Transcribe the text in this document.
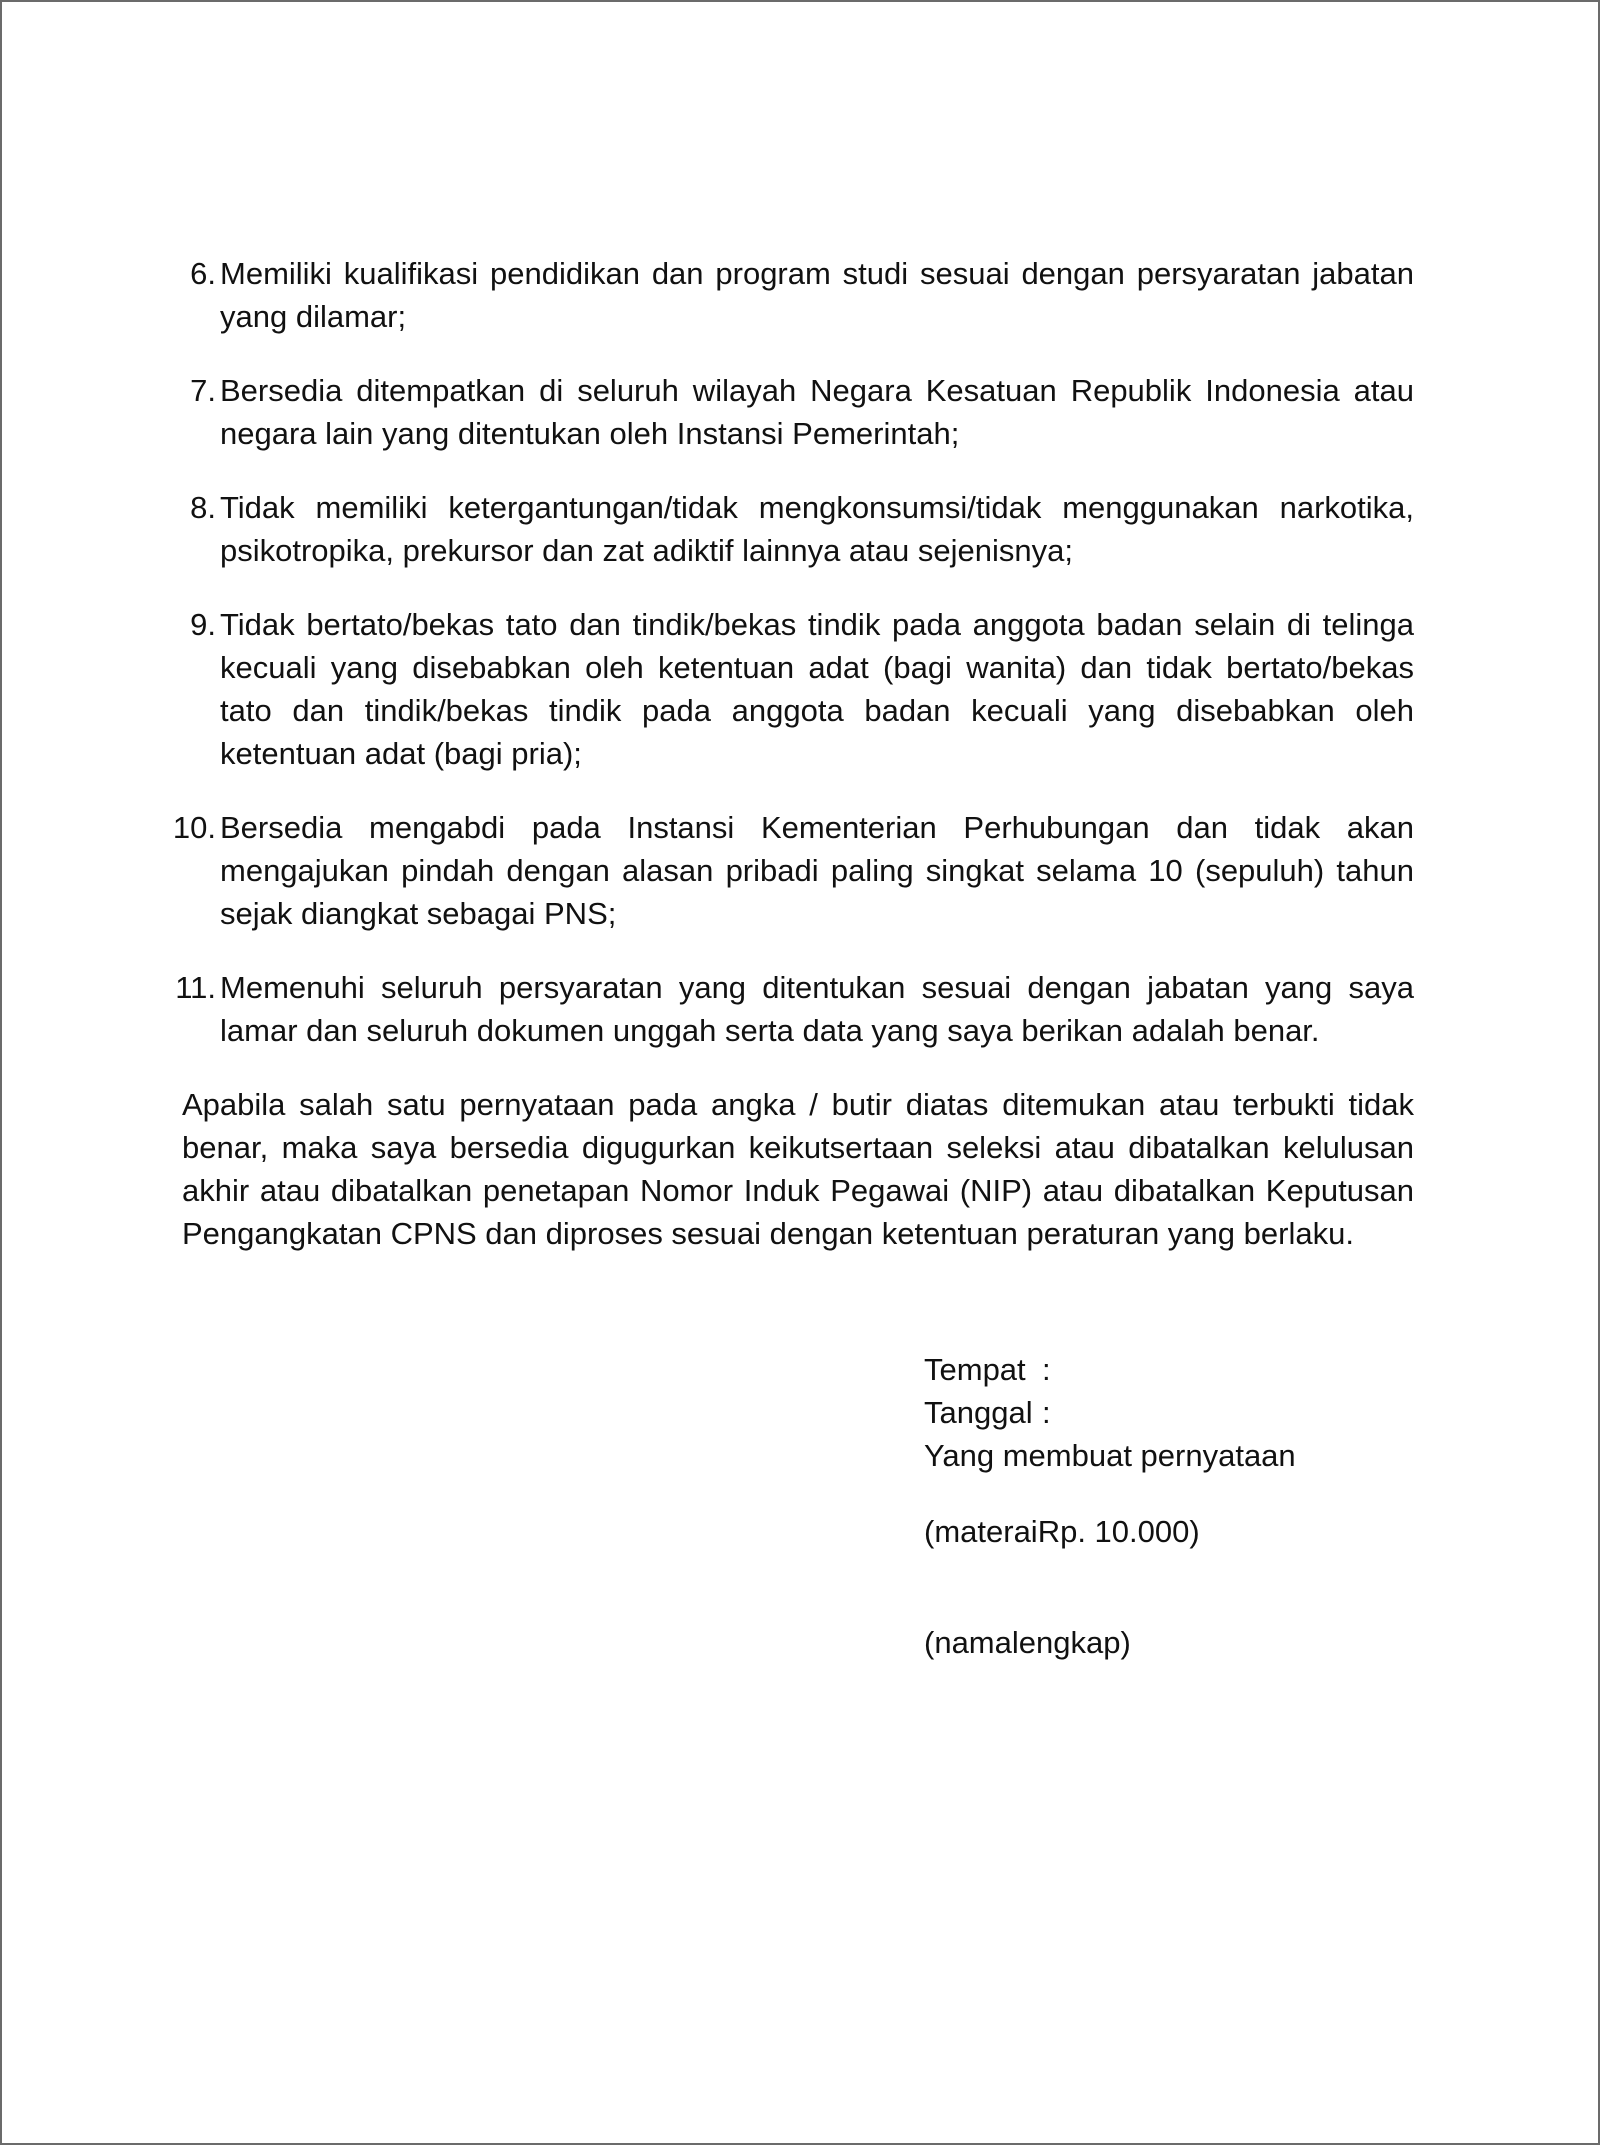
6. Memiliki kualifikasi pendidikan dan program studi sesuai dengan persyaratan jabatan yang dilamar;
7. Bersedia ditempatkan di seluruh wilayah Negara Kesatuan Republik Indonesia atau negara lain yang ditentukan oleh Instansi Pemerintah;
8. Tidak memiliki ketergantungan/tidak mengkonsumsi/tidak menggunakan narkotika, psikotropika, prekursor dan zat adiktif lainnya atau sejenisnya;
9. Tidak bertato/bekas tato dan tindik/bekas tindik pada anggota badan selain di telinga kecuali yang disebabkan oleh ketentuan adat (bagi wanita) dan tidak bertato/bekas tato dan tindik/bekas tindik pada anggota badan kecuali yang disebabkan oleh ketentuan adat (bagi pria);
10. Bersedia mengabdi pada Instansi Kementerian Perhubungan dan tidak akan mengajukan pindah dengan alasan pribadi paling singkat selama 10 (sepuluh) tahun sejak diangkat sebagai PNS;
11. Memenuhi seluruh persyaratan yang ditentukan sesuai dengan jabatan yang saya lamar dan seluruh dokumen unggah serta data yang saya berikan adalah benar.

Apabila salah satu pernyataan pada angka / butir diatas ditemukan atau terbukti tidak benar, maka saya bersedia digugurkan keikutsertaan seleksi atau dibatalkan kelulusan akhir atau dibatalkan penetapan Nomor Induk Pegawai (NIP) atau dibatalkan Keputusan Pengangkatan CPNS dan diproses sesuai dengan ketentuan peraturan yang berlaku.

Tempat :
Tanggal :
Yang membuat pernyataan
(materaiRp. 10.000)
(namalengkap)
